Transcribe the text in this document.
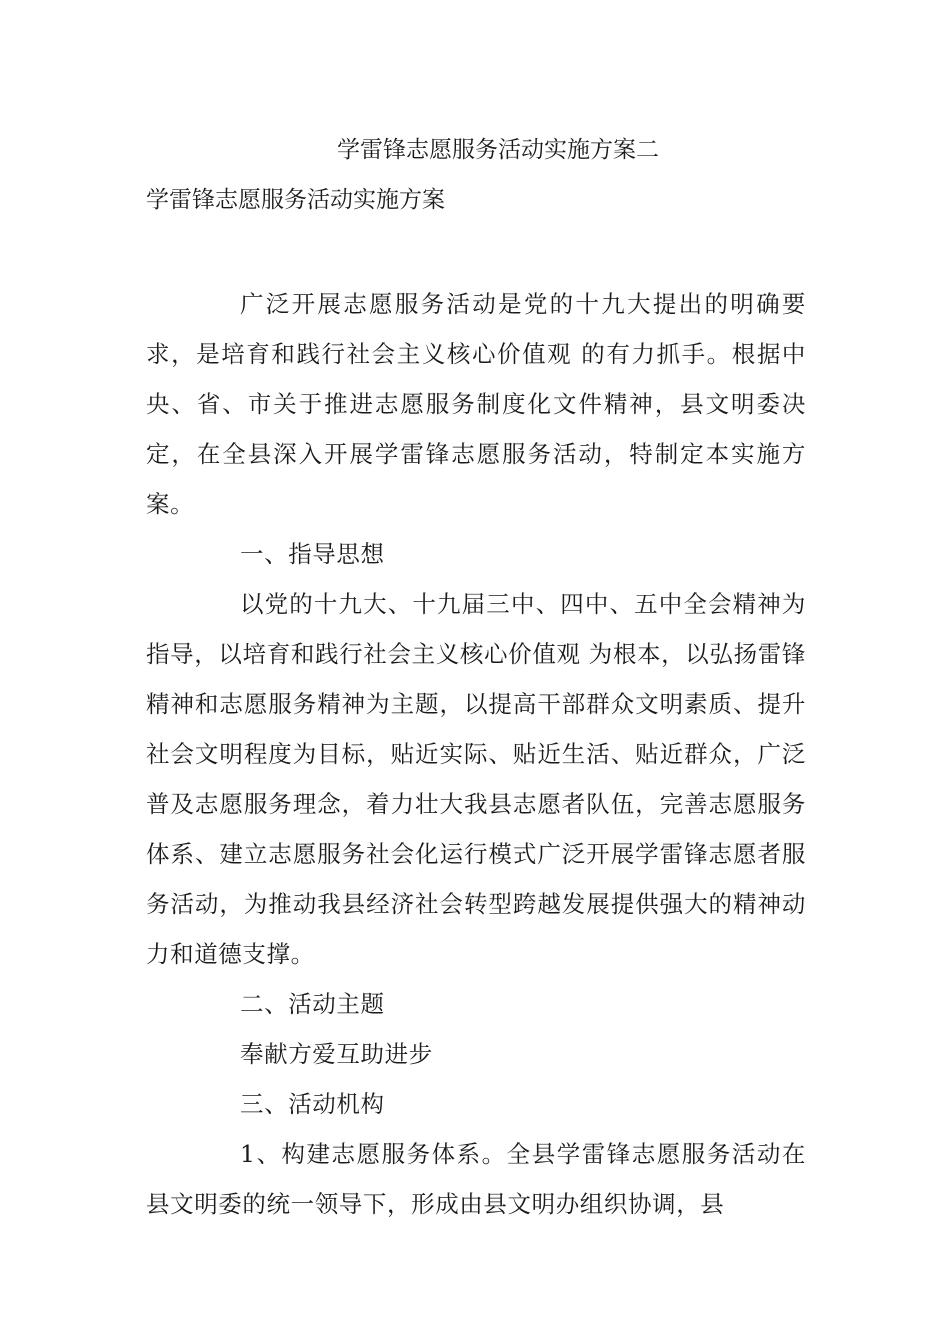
学雷锋志愿服务活动实施方案二
学雷锋志愿服务活动实施方案

广泛开展志愿服务活动是党的十九大提出的明确要求，是培育和践行社会主义核心价值观 的有力抓手。根据中央、省、市关于推进志愿服务制度化文件精神，县文明委决定，在全县深入开展学雷锋志愿服务活动，特制定本实施方案。

一、指导思想

以党的十九大、十九届三中、四中、五中全会精神为指导，以培育和践行社会主义核心价值观 为根本，以弘扬雷锋精神和志愿服务精神为主题，以提高干部群众文明素质、提升社会文明程度为目标，贴近实际、贴近生活、贴近群众，广泛普及志愿服务理念，着力壮大我县志愿者队伍，完善志愿服务体系、建立志愿服务社会化运行模式广泛开展学雷锋志愿者服务活动，为推动我县经济社会转型跨越发展提供强大的精神动力和道德支撑。

二、活动主题

奉献方爱互助进步

三、活动机构

1、构建志愿服务体系。全县学雷锋志愿服务活动在县文明委的统一领导下，形成由县文明办组织协调，县
